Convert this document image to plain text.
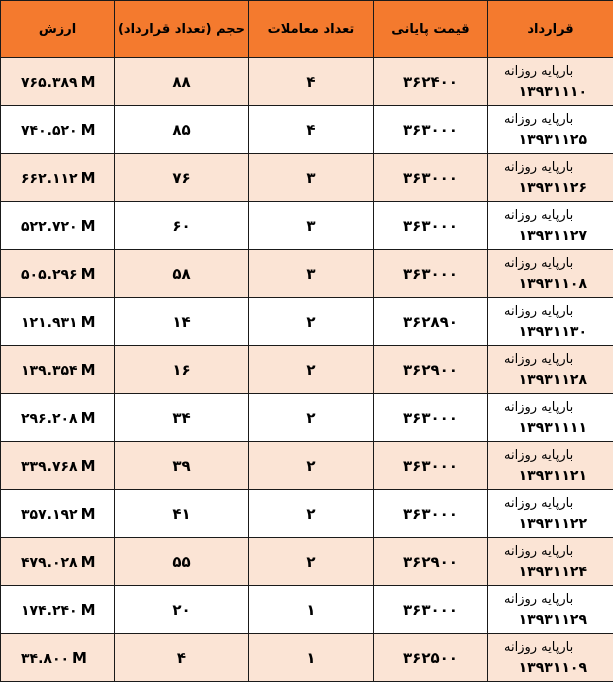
قرارداد	قیمت پایانی	تعداد معاملات	حجم (تعداد قرارداد)	ارزش

بارپایه روزانه
۱۳۹۳۱۱۱۰	۳۶۲۴۰۰	۴	۸۸	۷۶۵.۳۸۹ M

بارپایه روزانه
۱۳۹۳۱۱۲۵	۳۶۳۰۰۰	۴	۸۵	۷۴۰.۵۲۰ M

بارپایه روزانه
۱۳۹۳۱۱۲۶	۳۶۳۰۰۰	۳	۷۶	۶۶۲.۱۱۲ M

بارپایه روزانه
۱۳۹۳۱۱۲۷	۳۶۳۰۰۰	۳	۶۰	۵۲۲.۷۲۰ M

بارپایه روزانه
۱۳۹۳۱۱۰۸	۳۶۳۰۰۰	۳	۵۸	۵۰۵.۲۹۶ M

بارپایه روزانه
۱۳۹۳۱۱۳۰	۳۶۲۸۹۰	۲	۱۴	۱۲۱.۹۳۱ M

بارپایه روزانه
۱۳۹۳۱۱۲۸	۳۶۲۹۰۰	۲	۱۶	۱۳۹.۳۵۴ M

بارپایه روزانه
۱۳۹۳۱۱۱۱	۳۶۳۰۰۰	۲	۳۴	۲۹۶.۲۰۸ M

بارپایه روزانه
۱۳۹۳۱۱۲۱	۳۶۳۰۰۰	۲	۳۹	۳۳۹.۷۶۸ M

بارپایه روزانه
۱۳۹۳۱۱۲۲	۳۶۳۰۰۰	۲	۴۱	۳۵۷.۱۹۲ M

بارپایه روزانه
۱۳۹۳۱۱۲۴	۳۶۲۹۰۰	۲	۵۵	۴۷۹.۰۲۸ M

بارپایه روزانه
۱۳۹۳۱۱۲۹	۳۶۳۰۰۰	۱	۲۰	۱۷۴.۲۴۰ M

بارپایه روزانه
۱۳۹۳۱۱۰۹	۳۶۲۵۰۰	۱	۴	۳۴.۸۰۰ M
